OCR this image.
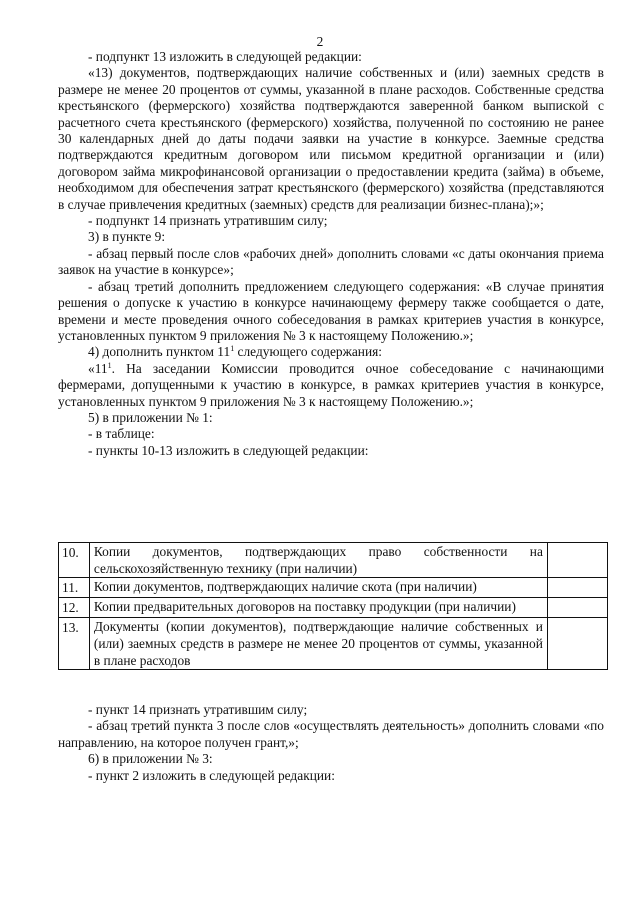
2

- подпункт 13 изложить в следующей редакции:

«13) документов, подтверждающих наличие собственных и (или) заемных средств в размере не менее 20 процентов от суммы, указанной в плане расходов. Собственные средства крестьянского (фермерского) хозяйства подтверждаются заверенной банком выпиской с расчетного счета крестьянского (фермерского) хозяйства, полученной по состоянию не ранее 30 календарных дней до даты подачи заявки на участие в конкурсе. Заемные средства подтверждаются кредитным договором или письмом кредитной организации и (или) договором займа микрофинансовой организации о предоставлении кредита (займа) в объеме, необходимом для обеспечения затрат крестьянского (фермерского) хозяйства (представляются в случае привлечения кредитных (заемных) средств для реализации бизнес-плана);»;

- подпункт 14 признать утратившим силу;

3) в пункте 9:

- абзац первый после слов «рабочих дней» дополнить словами «с даты окончания приема заявок на участие в конкурсе»;

- абзац третий дополнить предложением следующего содержания: «В случае принятия решения о допуске к участию в конкурсе начинающему фермеру также сообщается о дате, времени и месте проведения очного собеседования в рамках критериев участия в конкурсе, установленных пунктом 9 приложения № 3 к настоящему Положению.»;

4) дополнить пунктом $11^1$ следующего содержания:

«$11^1$. На заседании Комиссии проводится очное собеседование с начинающими фермерами, допущенными к участию в конкурсе, в рамках критериев участия в конкурсе, установленных пунктом 9 приложения № 3 к настоящему Положению.»;

5) в приложении № 1:

- в таблице:

- пункты 10-13 изложить в следующей редакции:

10.	Копии документов, подтверждающих право собственности на сельскохозяйственную технику (при наличии)	
11.	Копии документов, подтверждающих наличие скота (при наличии)	
12.	Копии предварительных договоров на поставку продукции (при наличии)	
13.	Документы (копии документов), подтверждающие наличие собственных и (или) заемных средств в размере не менее 20 процентов от суммы, указанной в плане расходов	

- пункт 14 признать утратившим силу;

- абзац третий пункта 3 после слов «осуществлять деятельность» дополнить словами «по направлению, на которое получен грант,»;

6) в приложении № 3:

- пункт 2 изложить в следующей редакции:
